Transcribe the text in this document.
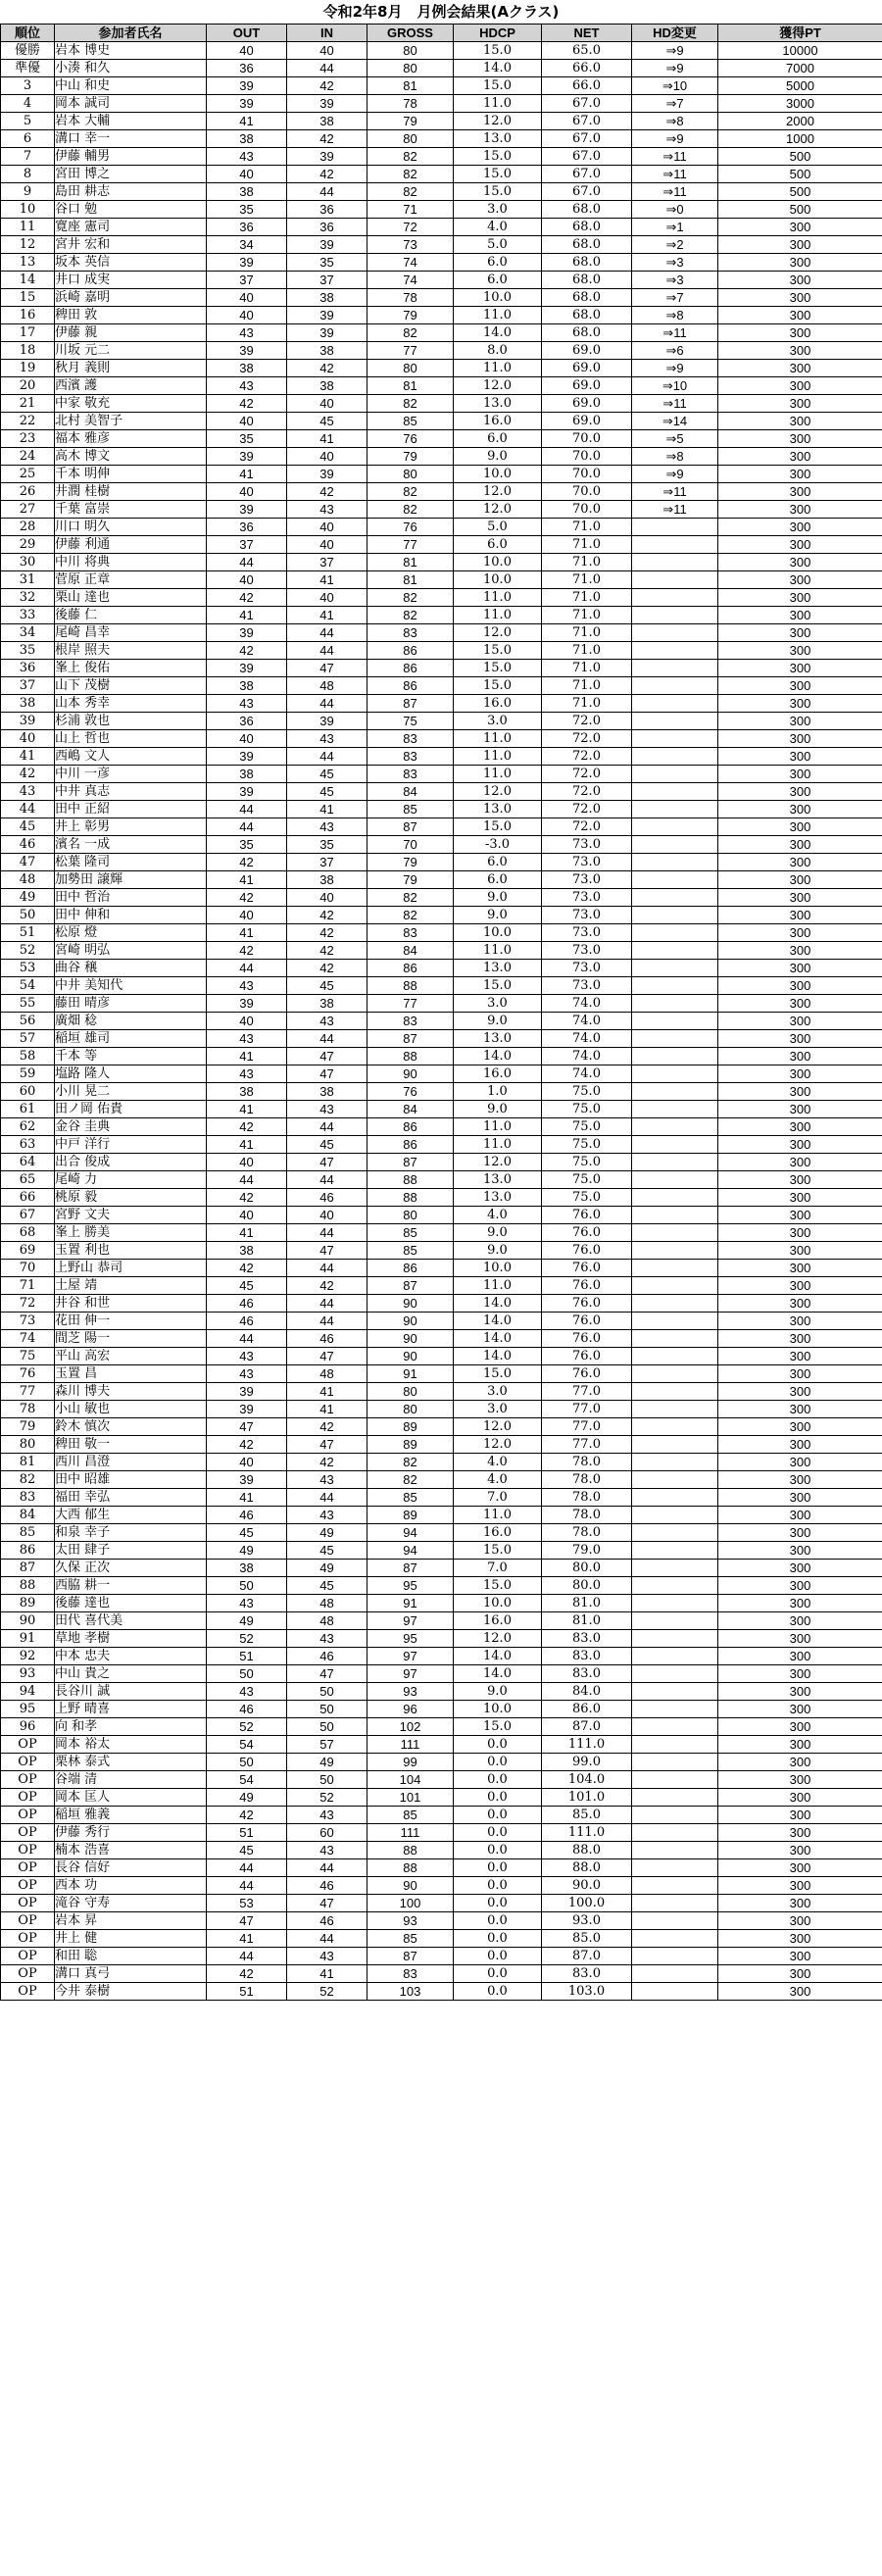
令和2年8月　月例会結果(Aクラス)
順位	参加者氏名	OUT	IN	GROSS	HDCP	NET	HD変更	獲得PT
優勝	岩本 博史	40	40	80	15.0	65.0	⇒9	10000
準優	小湊 和久	36	44	80	14.0	66.0	⇒9	7000
3	中山 和史	39	42	81	15.0	66.0	⇒10	5000
4	岡本 誠司	39	39	78	11.0	67.0	⇒7	3000
5	岩本 大輔	41	38	79	12.0	67.0	⇒8	2000
6	溝口 幸一	38	42	80	13.0	67.0	⇒9	1000
7	伊藤 輔男	43	39	82	15.0	67.0	⇒11	500
8	宮田 博之	40	42	82	15.0	67.0	⇒11	500
9	島田 耕志	38	44	82	15.0	67.0	⇒11	500
10	谷口 勉	35	36	71	3.0	68.0	⇒0	500
11	寛座 憲司	36	36	72	4.0	68.0	⇒1	300
12	宮井 宏和	34	39	73	5.0	68.0	⇒2	300
13	坂本 英信	39	35	74	6.0	68.0	⇒3	300
14	井口 成実	37	37	74	6.0	68.0	⇒3	300
15	浜崎 嘉明	40	38	78	10.0	68.0	⇒7	300
16	稗田 敦	40	39	79	11.0	68.0	⇒8	300
17	伊藤 親	43	39	82	14.0	68.0	⇒11	300
18	川坂 元二	39	38	77	8.0	69.0	⇒6	300
19	秋月 義則	38	42	80	11.0	69.0	⇒9	300
20	西濱 護	43	38	81	12.0	69.0	⇒10	300
21	中家 敬充	42	40	82	13.0	69.0	⇒11	300
22	北村 美智子	40	45	85	16.0	69.0	⇒14	300
23	福本 雅彦	35	41	76	6.0	70.0	⇒5	300
24	高木 博文	39	40	79	9.0	70.0	⇒8	300
25	千本 明伸	41	39	80	10.0	70.0	⇒9	300
26	井潤 桂樹	40	42	82	12.0	70.0	⇒11	300
27	千葉 富崇	39	43	82	12.0	70.0	⇒11	300
28	川口 明久	36	40	76	5.0	71.0		300
29	伊藤 利通	37	40	77	6.0	71.0		300
30	中川 将典	44	37	81	10.0	71.0		300
31	菅原 正章	40	41	81	10.0	71.0		300
32	栗山 達也	42	40	82	11.0	71.0		300
33	後藤 仁	41	41	82	11.0	71.0		300
34	尾崎 昌幸	39	44	83	12.0	71.0		300
35	根岸 照夫	42	44	86	15.0	71.0		300
36	峯上 俊佑	39	47	86	15.0	71.0		300
37	山下 茂樹	38	48	86	15.0	71.0		300
38	山本 秀幸	43	44	87	16.0	71.0		300
39	杉浦 敦也	36	39	75	3.0	72.0		300
40	山上 哲也	40	43	83	11.0	72.0		300
41	西嶋 文人	39	44	83	11.0	72.0		300
42	中川 一彦	38	45	83	11.0	72.0		300
43	中井 真志	39	45	84	12.0	72.0		300
44	田中 正紹	44	41	85	13.0	72.0		300
45	井上 彰男	44	43	87	15.0	72.0		300
46	濱名 一成	35	35	70	-3.0	73.0		300
47	松葉 隆司	42	37	79	6.0	73.0		300
48	加勢田 譲輝	41	38	79	6.0	73.0		300
49	田中 哲治	42	40	82	9.0	73.0		300
50	田中 伸和	40	42	82	9.0	73.0		300
51	松原 燈	41	42	83	10.0	73.0		300
52	宮崎 明弘	42	42	84	11.0	73.0		300
53	曲谷 穣	44	42	86	13.0	73.0		300
54	中井 美知代	43	45	88	15.0	73.0		300
55	藤田 晴彦	39	38	77	3.0	74.0		300
56	廣畑 稔	40	43	83	9.0	74.0		300
57	稲垣 雄司	43	44	87	13.0	74.0		300
58	千本 等	41	47	88	14.0	74.0		300
59	塩路 隆人	43	47	90	16.0	74.0		300
60	小川 晃二	38	38	76	1.0	75.0		300
61	田ノ岡 佑貴	41	43	84	9.0	75.0		300
62	金谷 圭典	42	44	86	11.0	75.0		300
63	中戸 洋行	41	45	86	11.0	75.0		300
64	出合 俊成	40	47	87	12.0	75.0		300
65	尾崎 力	44	44	88	13.0	75.0		300
66	桃原 毅	42	46	88	13.0	75.0		300
67	宮野 文夫	40	40	80	4.0	76.0		300
68	峯上 勝美	41	44	85	9.0	76.0		300
69	玉置 利也	38	47	85	9.0	76.0		300
70	上野山 恭司	42	44	86	10.0	76.0		300
71	土屋 靖	45	42	87	11.0	76.0		300
72	井谷 和世	46	44	90	14.0	76.0		300
73	花田 伸一	46	44	90	14.0	76.0		300
74	間芝 陽一	44	46	90	14.0	76.0		300
75	平山 高宏	43	47	90	14.0	76.0		300
76	玉置 昌	43	48	91	15.0	76.0		300
77	森川 博夫	39	41	80	3.0	77.0		300
78	小山 敏也	39	41	80	3.0	77.0		300
79	鈴木 慎次	47	42	89	12.0	77.0		300
80	稗田 敬一	42	47	89	12.0	77.0		300
81	西川 昌澄	40	42	82	4.0	78.0		300
82	田中 昭雄	39	43	82	4.0	78.0		300
83	福田 幸弘	41	44	85	7.0	78.0		300
84	大西 郁生	46	43	89	11.0	78.0		300
85	和泉 幸子	45	49	94	16.0	78.0		300
86	太田 肆子	49	45	94	15.0	79.0		300
87	久保 正次	38	49	87	7.0	80.0		300
88	西脇 耕一	50	45	95	15.0	80.0		300
89	後藤 達也	43	48	91	10.0	81.0		300
90	田代 喜代美	49	48	97	16.0	81.0		300
91	草地 孝樹	52	43	95	12.0	83.0		300
92	中本 忠夫	51	46	97	14.0	83.0		300
93	中山 貴之	50	47	97	14.0	83.0		300
94	長谷川 誠	43	50	93	9.0	84.0		300
95	上野 晴喜	46	50	96	10.0	86.0		300
96	向 和孝	52	50	102	15.0	87.0		300
OP	岡本 裕太	54	57	111	0.0	111.0		300
OP	栗林 泰式	50	49	99	0.0	99.0		300
OP	谷端 清	54	50	104	0.0	104.0		300
OP	岡本 匡人	49	52	101	0.0	101.0		300
OP	稲垣 雅義	42	43	85	0.0	85.0		300
OP	伊藤 秀行	51	60	111	0.0	111.0		300
OP	楠本 浩喜	45	43	88	0.0	88.0		300
OP	長谷 信好	44	44	88	0.0	88.0		300
OP	西本 功	44	46	90	0.0	90.0		300
OP	滝谷 守寿	53	47	100	0.0	100.0		300
OP	岩本 昇	47	46	93	0.0	93.0		300
OP	井上 健	41	44	85	0.0	85.0		300
OP	和田 聡	44	43	87	0.0	87.0		300
OP	溝口 真弓	42	41	83	0.0	83.0		300
OP	今井 泰樹	51	52	103	0.0	103.0		300
